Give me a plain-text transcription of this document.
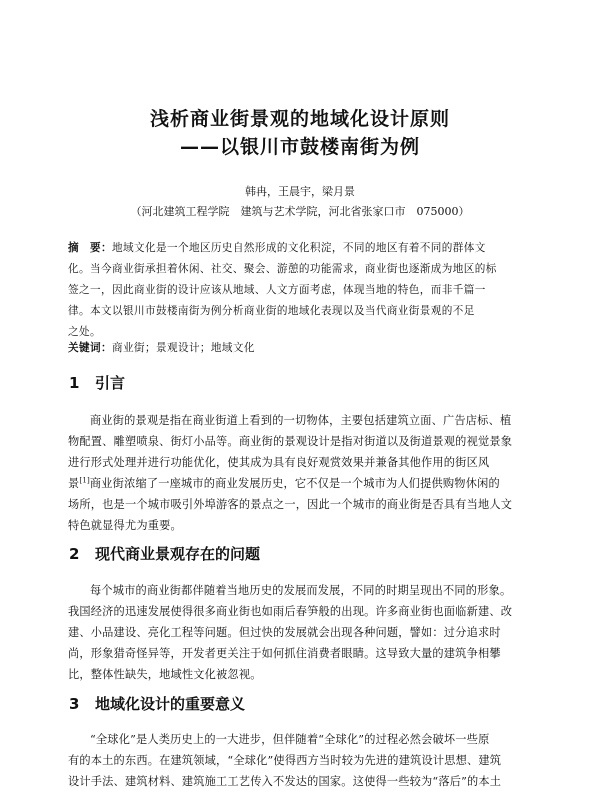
浅析商业街景观的地域化设计原则
——以银川市鼓楼南街为例
韩冉，王晨宇，梁月景
（河北建筑工程学院　建筑与艺术学院，河北省张家口市　075000）
摘　要：地域文化是一个地区历史自然形成的文化积淀，不同的地区有着不同的群体文
化。当今商业街承担着休闲、社交、聚会、游憩的功能需求，商业街也逐渐成为地区的标
签之一，因此商业街的设计应该从地域、人文方面考虑，体现当地的特色，而非千篇一
律。本文以银川市鼓楼南街为例分析商业街的地域化表现以及当代商业街景观的不足
之处。
关键词：商业街；景观设计；地域文化
1 引言
商业街的景观是指在商业街道上看到的一切物体，主要包括建筑立面、广告店标、植
物配置、雕塑喷泉、街灯小品等。商业街的景观设计是指对街道以及街道景观的视觉景象
进行形式处理并进行功能优化，使其成为具有良好观赏效果并兼备其他作用的街区风
景[1]商业街浓缩了一座城市的商业发展历史，它不仅是一个城市为人们提供购物休闲的
场所，也是一个城市吸引外埠游客的景点之一，因此一个城市的商业街是否具有当地人文
特色就显得尤为重要。
2 现代商业景观存在的问题
每个城市的商业街都伴随着当地历史的发展而发展，不同的时期呈现出不同的形象。
我国经济的迅速发展使得很多商业街也如雨后春笋般的出现。许多商业街也面临新建、改
建、小品建设、亮化工程等问题。但过快的发展就会出现各种问题，譬如：过分追求时
尚，形象猎奇怪异等，开发者更关注于如何抓住消费者眼睛。这导致大量的建筑争相攀
比，整体性缺失，地域性文化被忽视。
3 地域化设计的重要意义
“全球化”是人类历史上的一大进步，但伴随着“全球化”的过程必然会破坏一些原
有的本土的东西。在建筑领域，“全球化”使得西方当时较为先进的建筑设计思想、建筑
设计手法、建筑材料、建筑施工工艺传入不发达的国家。这使得一些较为“落后”的本土
